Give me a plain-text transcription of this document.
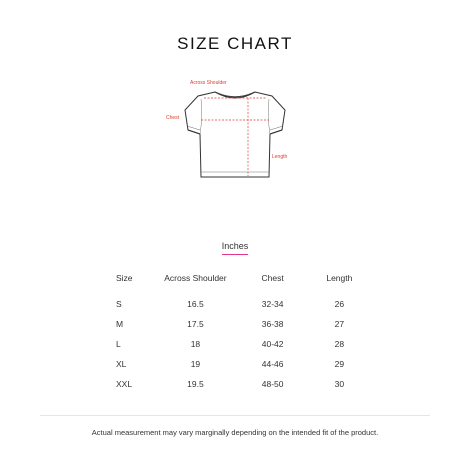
SIZE CHART
Across Shoulder
Chest
Length
Inches
Size	Across Shoulder	Chest	Length

S	16.5	32-34	26
M	17.5	36-38	27
L	18	40-42	28
XL	19	44-46	29
XXL	19.5	48-50	30
Actual measurement may vary marginally depending on the intended fit of the product.
